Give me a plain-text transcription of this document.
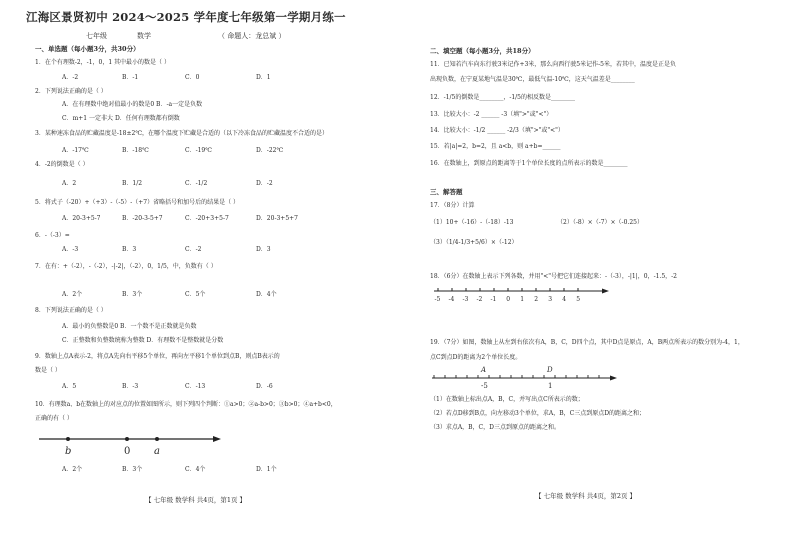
江海区景贤初中 2024～2025 学年度七年级第一学期月练一
七年级	数学	（ 命题人：龙总斌 ）
一、单选题（每小题3分，共30分）
1．在个有理数-2，-1，0，1 其中最小的数是（ ）
A．-2	B．-1	C．0	D．1
2．下列说法正确的是（ ）
A．在有理数中绝对值最小的数是0 B．-a一定是负数
C．m+1 一定非大 D．任何有理数都有倒数
3．某种速冻食品的贮藏温度是-18±2℃，在哪个温度下贮藏是合适的（以下冷冻食品的贮藏温度不合适的是）
A．-17℃	B．-18℃	C．-19℃	D．-22℃
4．-2的倒数是（ ）
A．2	B．1/2	C．-1/2	D．-2
5．将式子（-20）+（+3）-（-5）-（+7）省略括号和加号后的结果是（ ）
A．20-3+5-7	B．-20-3-5+7	C．-20+3+5-7	D．20-3+5+7
6．-（-3）=
A．-3	B．3	C．-2	D．3
7．在有：+（-2），-（-2），-|-2|，（-2），0，1/5，中，负数有（ ）
A．2个	B．3个	C．5个	D．4个
8．下列说法正确的是（ ）
A．最小的负整数是0 B．一个数不是正数就是负数
C．正整数和负整数统称为整数 D．有理数不是整数就是分数
9．数轴上点A表示-2，将点A先向右平移5个单位，再向左平移1个单位到点B，则点B表示的
数是（ ）
A．5	B．-3	C．-13	D．-6
10．有理数a、b在数轴上的对应点的位置如图所示，则下列四个判断：①a>0；②a-b>0；③b>0；④a+b<0，
正确的有（ ）
b	0 a
A．2个	B．3个	C．4个	D．1个
【 七年级 数学科 共4页，第1页 】
二、填空题（每小题3分，共18分）
11．已知若汽车向东行驶3米记作+3米，那么向西行驶5米记作-5米，若其中，温度是正是负
出现负数，在宁夏某地气温是30℃，最低气温-10℃，这天气温差是________
12．-1/5的倒数是________，-1/5的相反数是________
13．比较大小：-2 ______ -3（填">"或"<"）
14．比较大小：-1/2 ______ -2/3（填">"或"<"）
15．若|a|=2，b=2，且 a<b，则 a+b=______
16．在数轴上，到原点的距离等于1个单位长度的点所表示的数是________
三、解答题
17．（8分）计算
（1）10+（-16）-（-18）-13	（2）（-8）×（-7）×（-0.25）
（3）（1/4-1/3+5/6）×（-12）
18．（6分）在数轴上表示下列各数，并用"<"号把它们连接起来：-（-3），-|1|，0，-1.5，-2
-5 -4 -3 -2 -1 0 1 2 3 4 5
19．（7分）如图，数轴上从左到右依次有A，B，C，D四个点，其中D点是原点，A，B两点所表示的数分别为-4，1，
点C到点D的距离为2个单位长度。
A	D
-5	1
（1）在数轴上标出点A，B，C，并写出点C所表示的数；
（2）若点D移到B点，向左移动3个单位，求A，B，C三点到原点D的距离之和；
（3）求点A，B，C，D三点到原点的距离之和。
【 七年级 数学科 共4页，第2页 】
